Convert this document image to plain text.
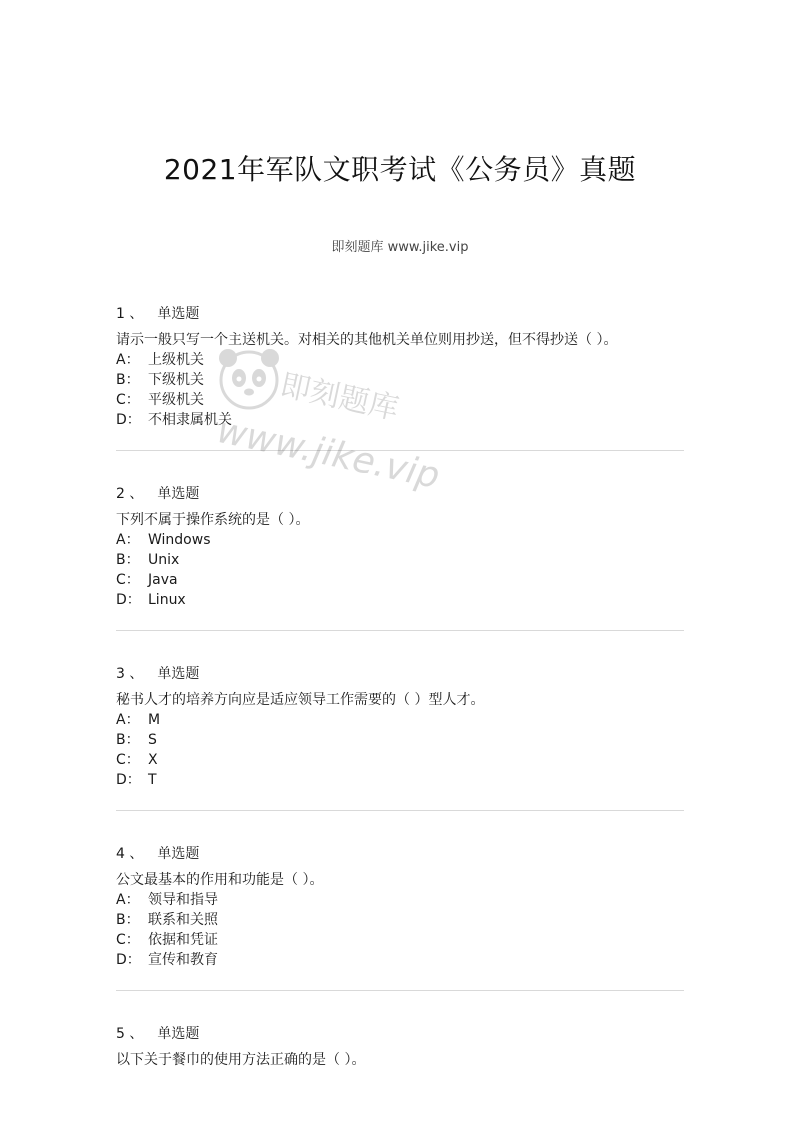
2021年军队文职考试《公务员》真题
即刻题库 www.jike.vip
1 、 单选题
请示一般只写一个主送机关。对相关的其他机关单位则用抄送，但不得抄送（ ）。
A： 上级机关
B： 下级机关
C： 平级机关
D： 不相隶属机关
2 、 单选题
下列不属于操作系统的是（ ）。
A： Windows
B： Unix
C： Java
D： Linux
3 、 单选题
秘书人才的培养方向应是适应领导工作需要的（ ）型人才。
A： M
B： S
C： X
D： T
4 、 单选题
公文最基本的作用和功能是（ ）。
A： 领导和指导
B： 联系和关照
C： 依据和凭证
D： 宣传和教育
5 、 单选题
以下关于餐巾的使用方法正确的是（ ）。
即刻题库
www.jike.vip
